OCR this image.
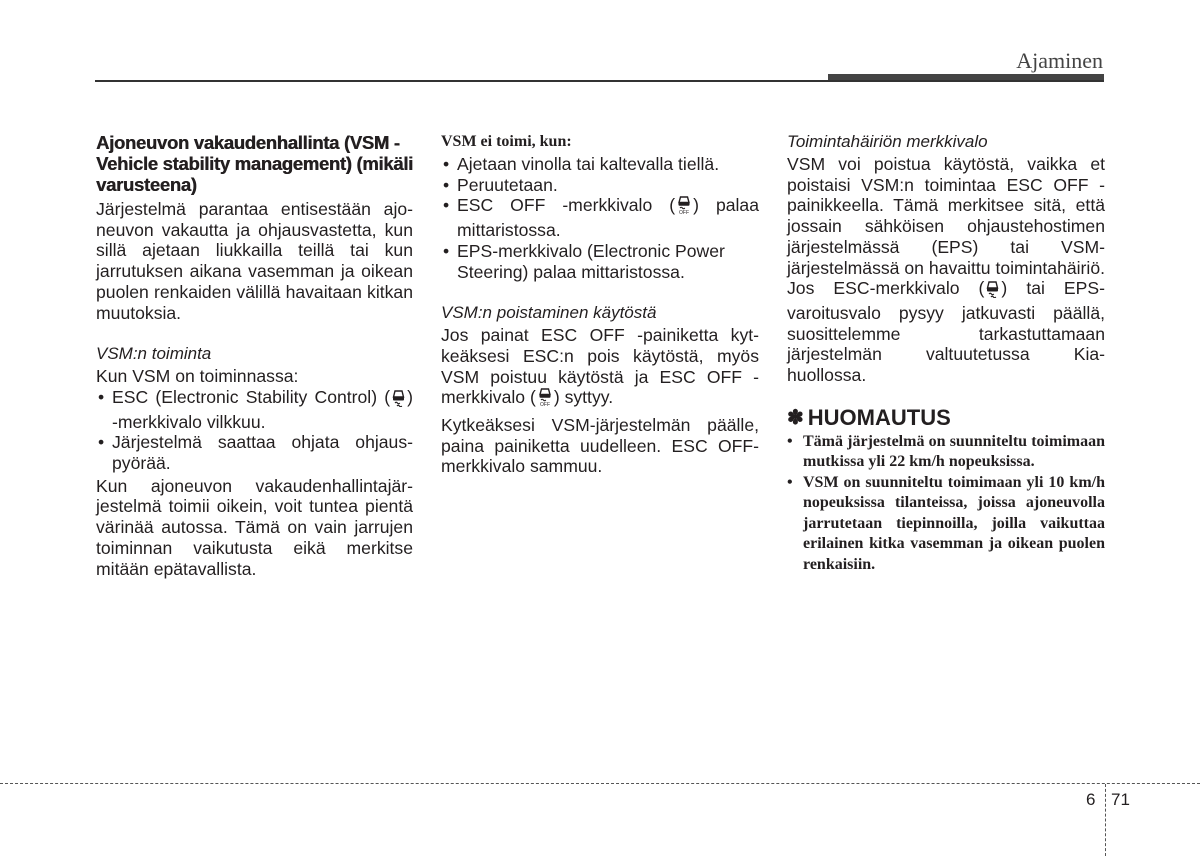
Ajaminen

Ajoneuvon vakaudenhallinta (VSM - Vehicle stability management) (mikäli varusteena)

Järjestelmä parantaa entisestään ajoneuvon vakautta ja ohjausvastetta, kun sillä ajetaan liukkailla teillä tai kun jarrutuksen aikana vasemman ja oikean puolen renkaiden välillä havaitaan kitkan muutoksia.

VSM:n toiminta

Kun VSM on toiminnassa:

• ESC (Electronic Stability Control) ( ) -merkkivalo vilkkuu.
• Järjestelmä saattaa ohjata ohjauspyörää.

Kun ajoneuvon vakaudenhallintajärjestelmä toimii oikein, voit tuntea pientä värinää autossa. Tämä on vain jarrujen toiminnan vaikutusta eikä merkitse mitään epätavallista.

VSM ei toimi, kun:

• Ajetaan vinolla tai kaltevalla tiellä.
• Peruutetaan.
• ESC OFF -merkkivalo ( OFF ) palaa mittaristossa.
• EPS-merkkivalo (Electronic Power Steering) palaa mittaristossa.

VSM:n poistaminen käytöstä

Jos painat ESC OFF -painiketta kytkeäksesi ESC:n pois käytöstä, myös VSM poistuu käytöstä ja ESC OFF -merkkivalo ( OFF ) syttyy.

Kytkeäksesi VSM-järjestelmän päälle, paina painiketta uudelleen. ESC OFF-merkkivalo sammuu.

Toimintahäiriön merkkivalo

VSM voi poistua käytöstä, vaikka et poistaisi VSM:n toimintaa ESC OFF -painikkeella. Tämä merkitsee sitä, että jossain sähköisen ohjaustehostimen järjestelmässä (EPS) tai VSM-järjestelmässä on havaittu toimintahäiriö. Jos ESC-merkkivalo ( ) tai EPS-varoitusvalo pysyy jatkuvasti päällä, suosittelemme tarkastuttamaan järjestelmän valtuutetussa Kia-huollossa.

✽ HUOMAUTUS
• Tämä järjestelmä on suunniteltu toimimaan mutkissa yli 22 km/h nopeuksissa.
• VSM on suunniteltu toimimaan yli 10 km/h nopeuksissa tilanteissa, joissa ajoneuvolla jarrutetaan tiepinnoilla, joilla vaikuttaa erilainen kitka vasemman ja oikean puolen renkaisiin.
6 71
